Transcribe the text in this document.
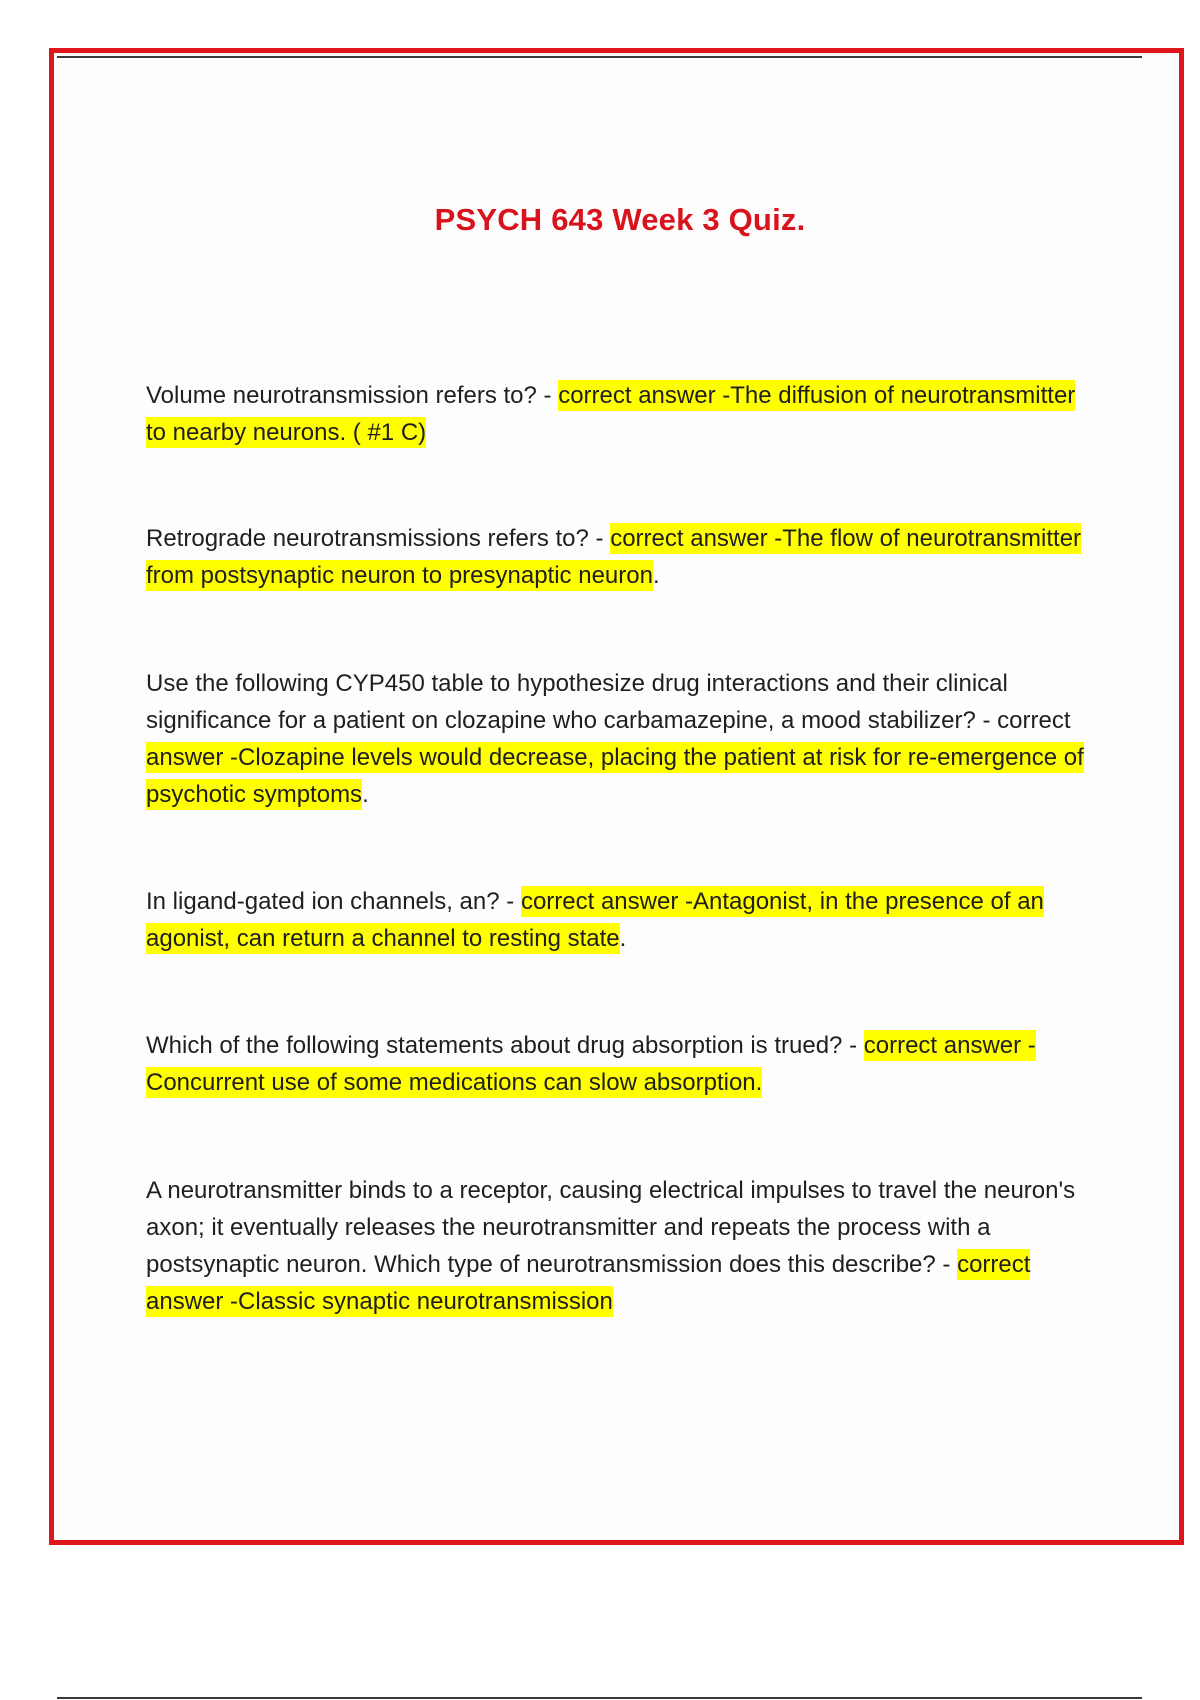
PSYCH 643 Week 3 Quiz.

Volume neurotransmission refers to? - correct answer -The diffusion of neurotransmitter to nearby neurons. ( #1 C)

Retrograde neurotransmissions refers to? - correct answer -The flow of neurotransmitter from postsynaptic neuron to presynaptic neuron.

Use the following CYP450 table to hypothesize drug interactions and their clinical significance for a patient on clozapine who carbamazepine, a mood stabilizer? - correct answer -Clozapine levels would decrease, placing the patient at risk for re-emergence of psychotic symptoms.

In ligand-gated ion channels, an? - correct answer -Antagonist, in the presence of an agonist, can return a channel to resting state.

Which of the following statements about drug absorption is trued? - correct answer -Concurrent use of some medications can slow absorption.

A neurotransmitter binds to a receptor, causing electrical impulses to travel the neuron's axon; it eventually releases the neurotransmitter and repeats the process with a postsynaptic neuron. Which type of neurotransmission does this describe? - correct answer -Classic synaptic neurotransmission
